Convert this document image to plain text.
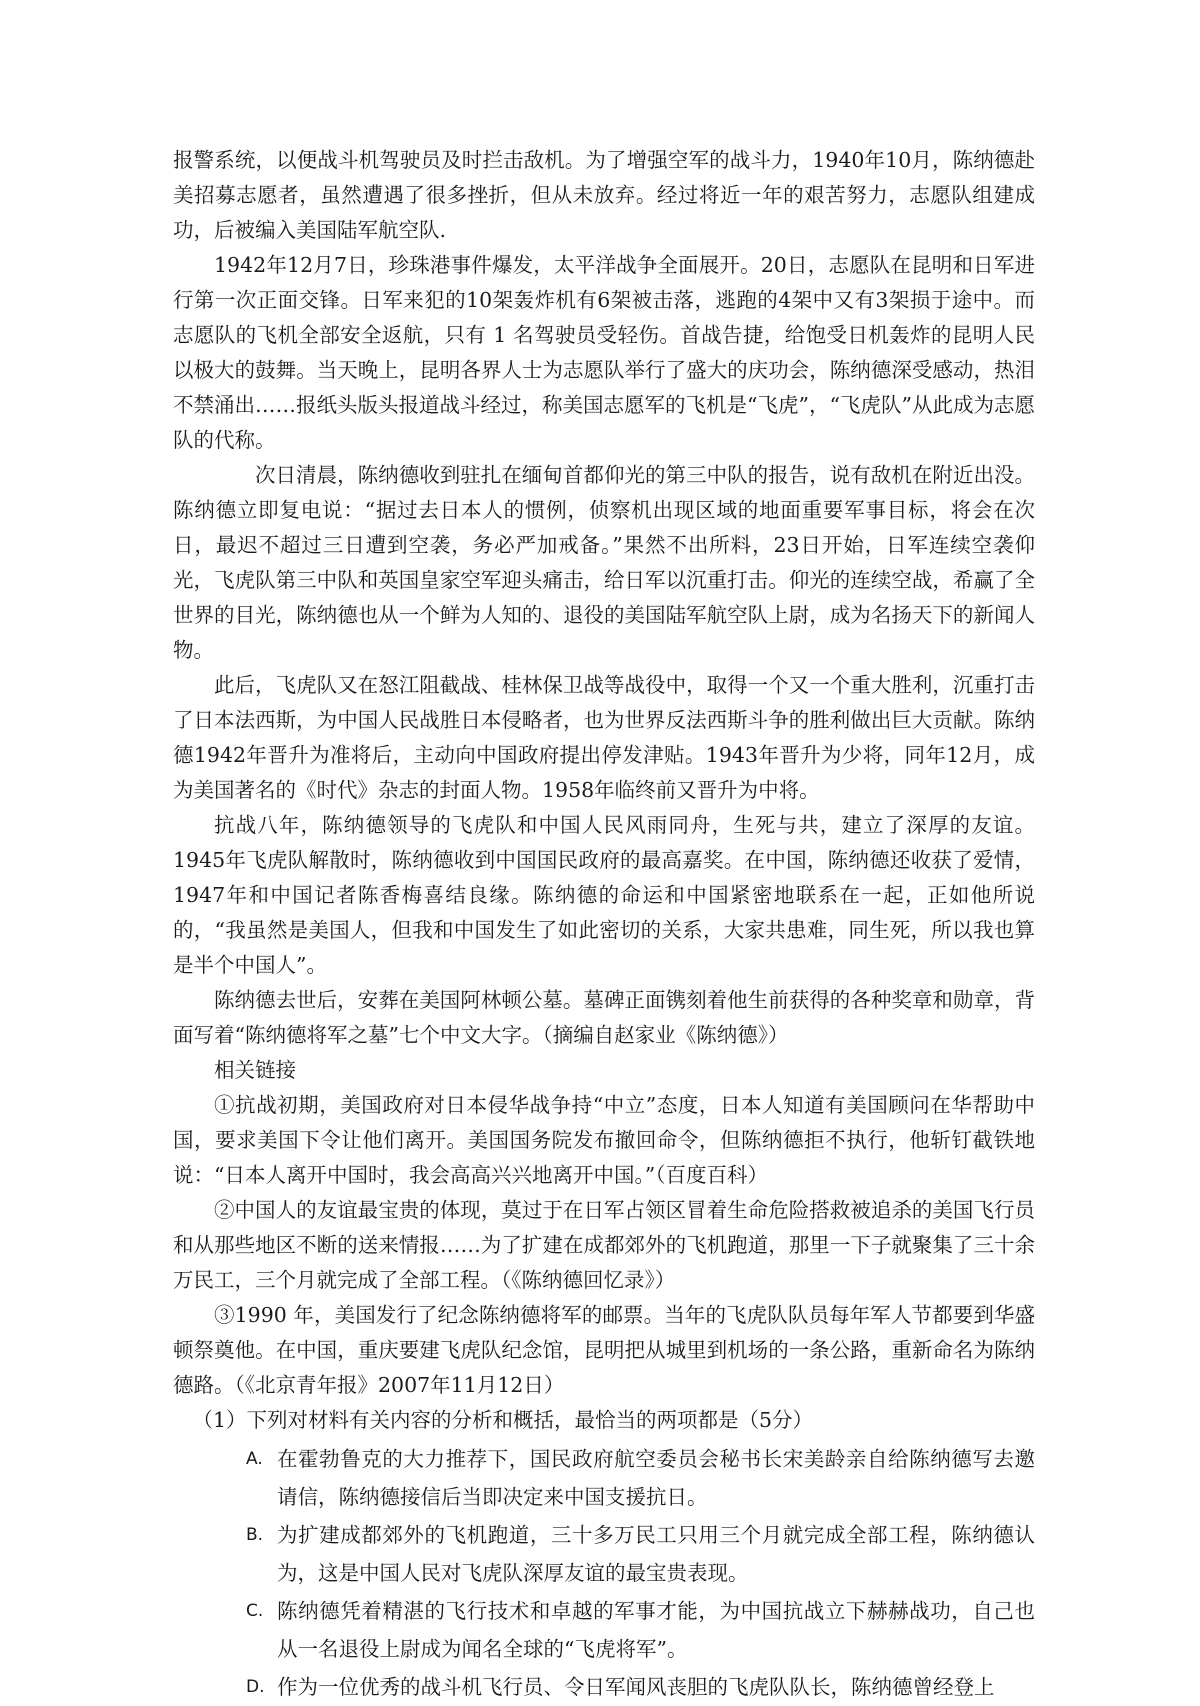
报警系统，以便战斗机驾驶员及时拦击敌机。为了增强空军的战斗力，1940年10月，陈纳德赴美招募志愿者，虽然遭遇了很多挫折，但从未放弃。经过将近一年的艰苦努力，志愿队组建成功，后被编入美国陆军航空队.

1942年12月7日，珍珠港事件爆发，太平洋战争全面展开。20日，志愿队在昆明和日军进行第一次正面交锋。日军来犯的10架轰炸机有6架被击落，逃跑的4架中又有3架损于途中。而志愿队的飞机全部安全返航，只有 1 名驾驶员受轻伤。首战告捷，给饱受日机轰炸的昆明人民以极大的鼓舞。当天晚上，昆明各界人士为志愿队举行了盛大的庆功会，陈纳德深受感动，热泪不禁涌出……报纸头版头报道战斗经过，称美国志愿军的飞机是“飞虎”，“飞虎队”从此成为志愿队的代称。

次日清晨，陈纳德收到驻扎在缅甸首都仰光的第三中队的报告，说有敌机在附近出没。陈纳德立即复电说：“据过去日本人的惯例，侦察机出现区域的地面重要军事目标，将会在次日，最迟不超过三日遭到空袭，务必严加戒备。”果然不出所料，23日开始，日军连续空袭仰光，飞虎队第三中队和英国皇家空军迎头痛击，给日军以沉重打击。仰光的连续空战，希赢了全世界的目光，陈纳德也从一个鲜为人知的、退役的美国陆军航空队上尉，成为名扬天下的新闻人物。

此后，飞虎队又在怒江阻截战、桂林保卫战等战役中，取得一个又一个重大胜利，沉重打击了日本法西斯，为中国人民战胜日本侵略者，也为世界反法西斯斗争的胜利做出巨大贡献。陈纳德1942年晋升为准将后，主动向中国政府提出停发津贴。1943年晋升为少将，同年12月，成为美国著名的《时代》杂志的封面人物。1958年临终前又晋升为中将。

抗战八年，陈纳德领导的飞虎队和中国人民风雨同舟，生死与共，建立了深厚的友谊。1945年飞虎队解散时，陈纳德收到中国国民政府的最高嘉奖。在中国，陈纳德还收获了爱情，1947年和中国记者陈香梅喜结良缘。陈纳德的命运和中国紧密地联系在一起，正如他所说的，“我虽然是美国人，但我和中国发生了如此密切的关系，大家共患难，同生死，所以我也算是半个中国人”。

陈纳德去世后，安葬在美国阿林顿公墓。墓碑正面镌刻着他生前获得的各种奖章和勋章，背面写着“陈纳德将军之墓”七个中文大字。（摘编自赵家业《陈纳德》）

相关链接

①抗战初期，美国政府对日本侵华战争持“中立”态度，日本人知道有美国顾问在华帮助中国，要求美国下令让他们离开。美国国务院发布撤回命令，但陈纳德拒不执行，他斩钉截铁地说：“日本人离开中国时，我会高高兴兴地离开中国。”（百度百科）

②中国人的友谊最宝贵的体现，莫过于在日军占领区冒着生命危险搭救被追杀的美国飞行员和从那些地区不断的送来情报……为了扩建在成都郊外的飞机跑道，那里一下子就聚集了三十余万民工，三个月就完成了全部工程。（《陈纳德回忆录》）

③1990 年，美国发行了纪念陈纳德将军的邮票。当年的飞虎队队员每年军人节都要到华盛顿祭奠他。在中国，重庆要建飞虎队纪念馆，昆明把从城里到机场的一条公路，重新命名为陈纳德路。（《北京青年报》2007年11月12日）

（1）下列对材料有关内容的分析和概括，最恰当的两项都是（5分）
A. 在霍勃鲁克的大力推荐下，国民政府航空委员会秘书长宋美龄亲自给陈纳德写去邀请信，陈纳德接信后当即决定来中国支援抗日。
B. 为扩建成都郊外的飞机跑道，三十多万民工只用三个月就完成全部工程，陈纳德认为，这是中国人民对飞虎队深厚友谊的最宝贵表现。
C. 陈纳德凭着精湛的飞行技术和卓越的军事才能，为中国抗战立下赫赫战功，自己也从一名退役上尉成为闻名全球的“飞虎将军”。
D. 作为一位优秀的战斗机飞行员、令日军闻风丧胆的飞虎队队长，陈纳德曾经登上
